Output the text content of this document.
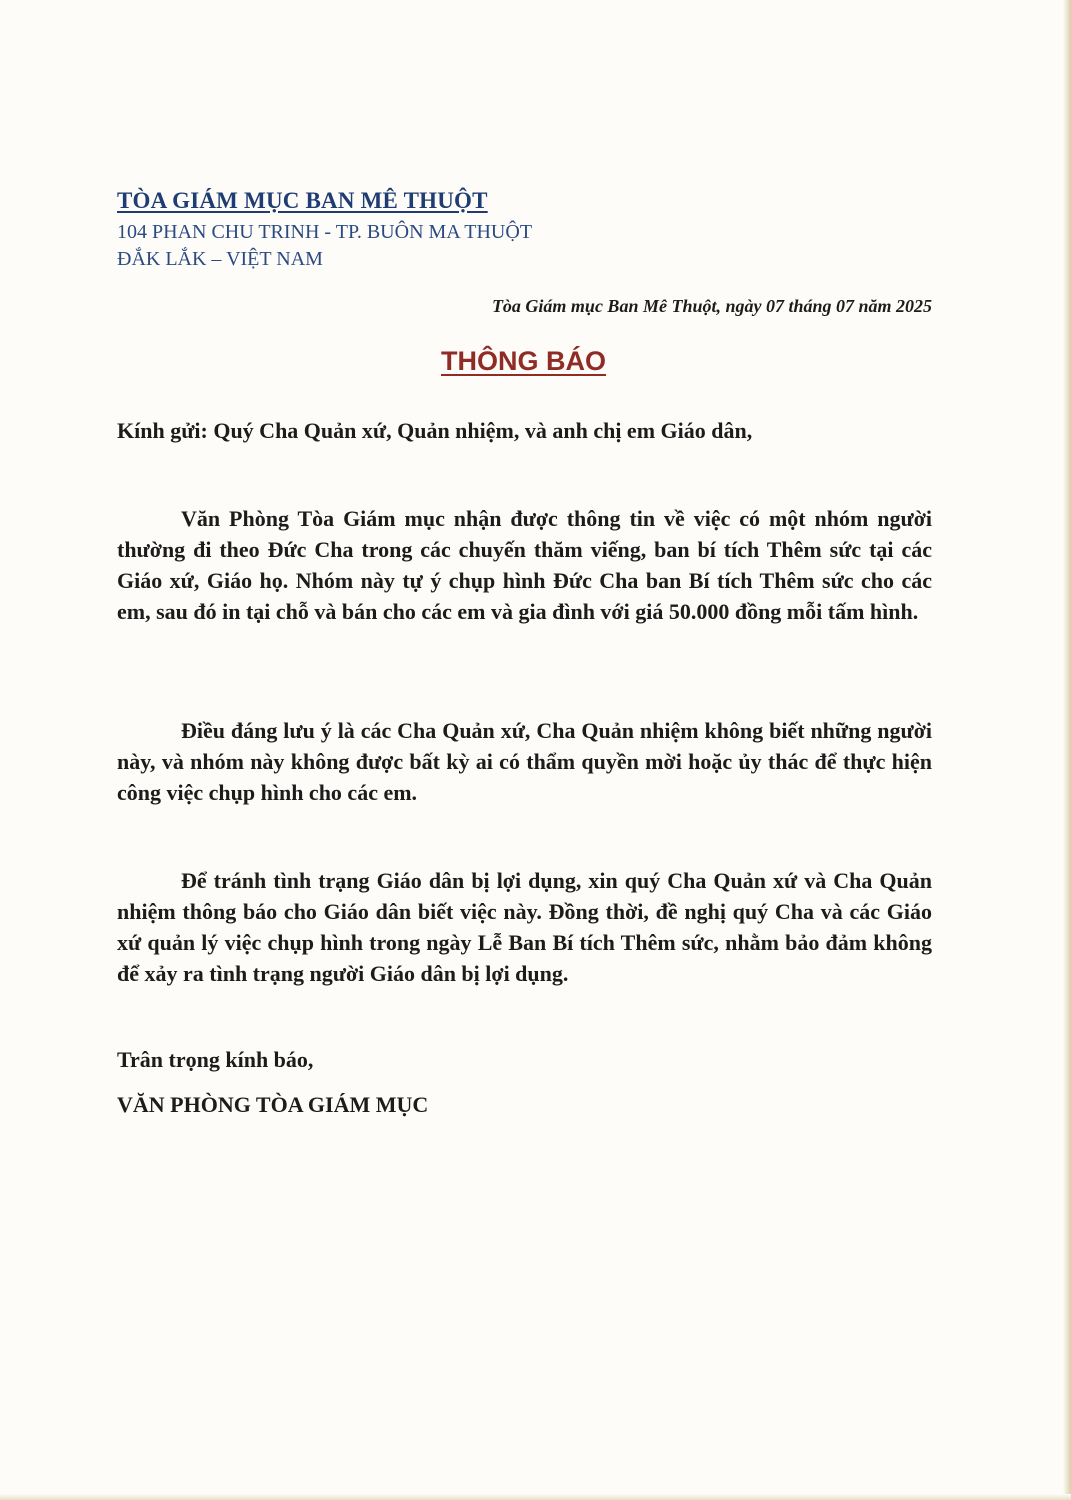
TÒA GIÁM MỤC BAN MÊ THUỘT
104 PHAN CHU TRINH - TP. BUÔN MA THUỘT
ĐẮK LẮK – VIỆT NAM
Tòa Giám mục Ban Mê Thuột, ngày 07 tháng 07 năm 2025
THÔNG BÁO
Kính gửi: Quý Cha Quản xứ, Quản nhiệm, và anh chị em Giáo dân,

Văn Phòng Tòa Giám mục nhận được thông tin về việc có một nhóm người thường đi theo Đức Cha trong các chuyến thăm viếng, ban bí tích Thêm sức tại các Giáo xứ, Giáo họ. Nhóm này tự ý chụp hình Đức Cha ban Bí tích Thêm sức cho các em, sau đó in tại chỗ và bán cho các em và gia đình với giá 50.000 đồng mỗi tấm hình.

Điều đáng lưu ý là các Cha Quản xứ, Cha Quản nhiệm không biết những người này, và nhóm này không được bất kỳ ai có thẩm quyền mời hoặc ủy thác để thực hiện công việc chụp hình cho các em.

Để tránh tình trạng Giáo dân bị lợi dụng, xin quý Cha Quản xứ và Cha Quản nhiệm thông báo cho Giáo dân biết việc này. Đồng thời, đề nghị quý Cha và các Giáo xứ quản lý việc chụp hình trong ngày Lễ Ban Bí tích Thêm sức, nhằm bảo đảm không để xảy ra tình trạng người Giáo dân bị lợi dụng.

Trân trọng kính báo,
VĂN PHÒNG TÒA GIÁM MỤC
